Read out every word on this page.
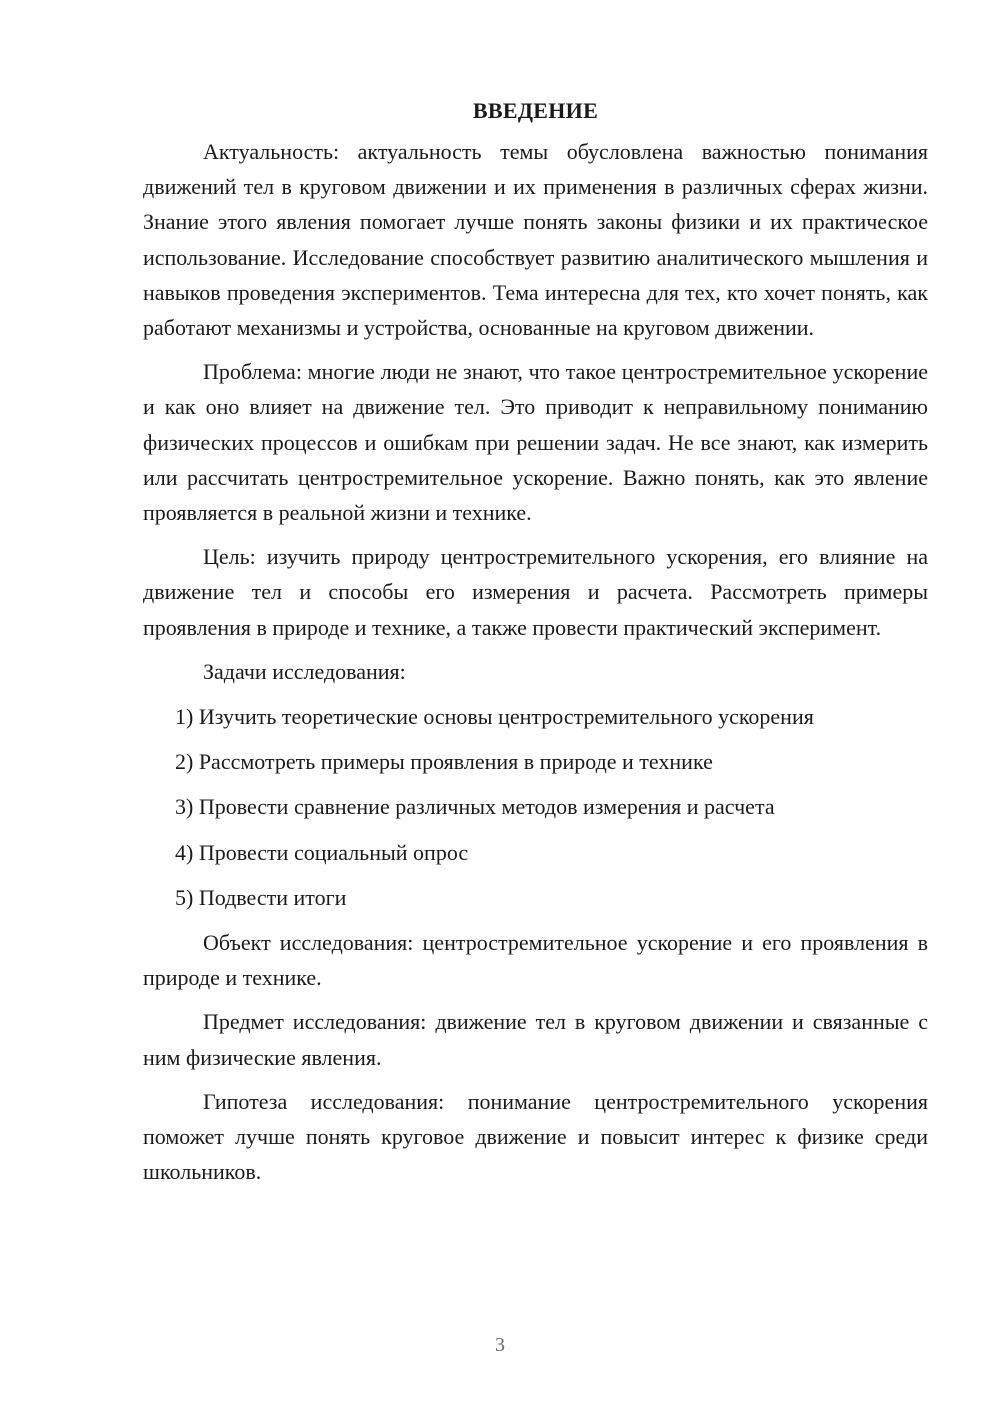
ВВЕДЕНИЕ

Актуальность: актуальность темы обусловлена важностью понимания движений тел в круговом движении и их применения в различных сферах жизни. Знание этого явления помогает лучше понять законы физики и их практическое использование. Исследование способствует развитию аналитического мышления и навыков проведения экспериментов. Тема интересна для тех, кто хочет понять, как работают механизмы и устройства, основанные на круговом движении.

Проблема: многие люди не знают, что такое центростремительное ускорение и как оно влияет на движение тел. Это приводит к неправильному пониманию физических процессов и ошибкам при решении задач. Не все знают, как измерить или рассчитать центростремительное ускорение. Важно понять, как это явление проявляется в реальной жизни и технике.

Цель: изучить природу центростремительного ускорения, его влияние на движение тел и способы его измерения и расчета. Рассмотреть примеры проявления в природе и технике, а также провести практический эксперимент.

Задачи исследования:
1) Изучить теоретические основы центростремительного ускорения
2) Рассмотреть примеры проявления в природе и технике
3) Провести сравнение различных методов измерения и расчета
4) Провести социальный опрос
5) Подвести итоги

Объект исследования: центростремительное ускорение и его проявления в природе и технике.

Предмет исследования: движение тел в круговом движении и связанные с ним физические явления.

Гипотеза исследования: понимание центростремительного ускорения поможет лучше понять круговое движение и повысит интерес к физике среди школьников.

3
